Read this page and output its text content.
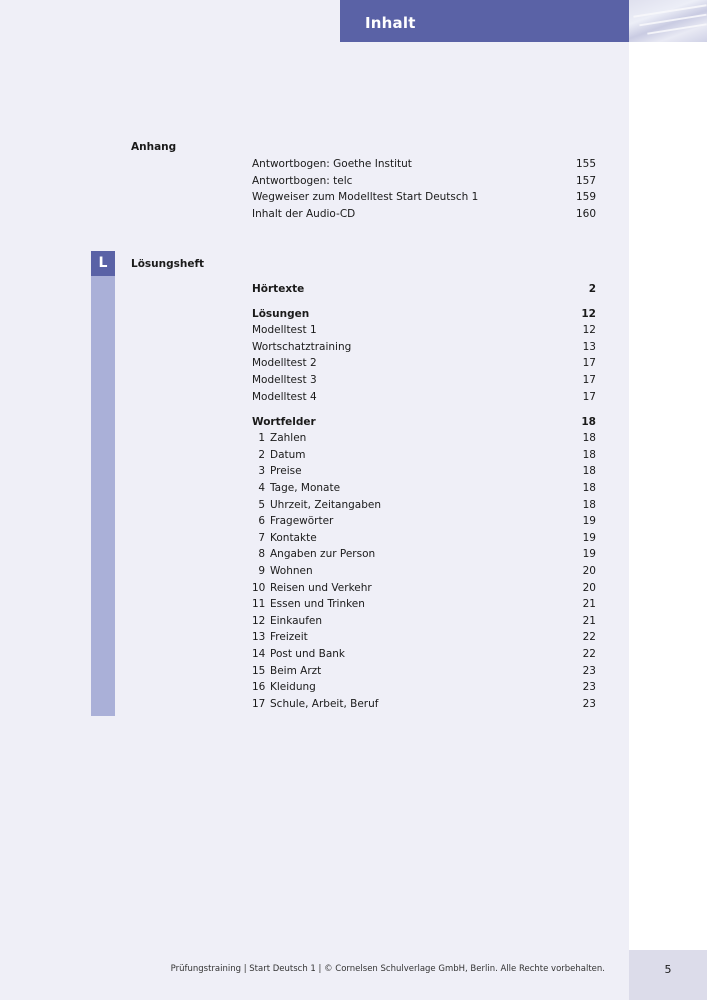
Inhalt
Anhang
Antwortbogen: Goethe Institut	155
Antwortbogen: telc	157
Wegweiser zum Modelltest Start Deutsch 1	159
Inhalt der Audio-CD	160
L	Lösungsheft
Hörtexte	2
Lösungen	12
Modelltest 1	12
Wortschatztraining	13
Modelltest 2	17
Modelltest 3	17
Modelltest 4	17
Wortfelder	18
1 Zahlen	18
2 Datum	18
3 Preise	18
4 Tage, Monate	18
5 Uhrzeit, Zeitangaben	18
6 Fragewörter	19
7 Kontakte	19
8 Angaben zur Person	19
9 Wohnen	20
10 Reisen und Verkehr	20
11 Essen und Trinken	21
12 Einkaufen	21
13 Freizeit	22
14 Post und Bank	22
15 Beim Arzt	23
16 Kleidung	23
17 Schule, Arbeit, Beruf	23
Prüfungstraining | Start Deutsch 1 | © Cornelsen Schulverlage GmbH, Berlin. Alle Rechte vorbehalten.	5
